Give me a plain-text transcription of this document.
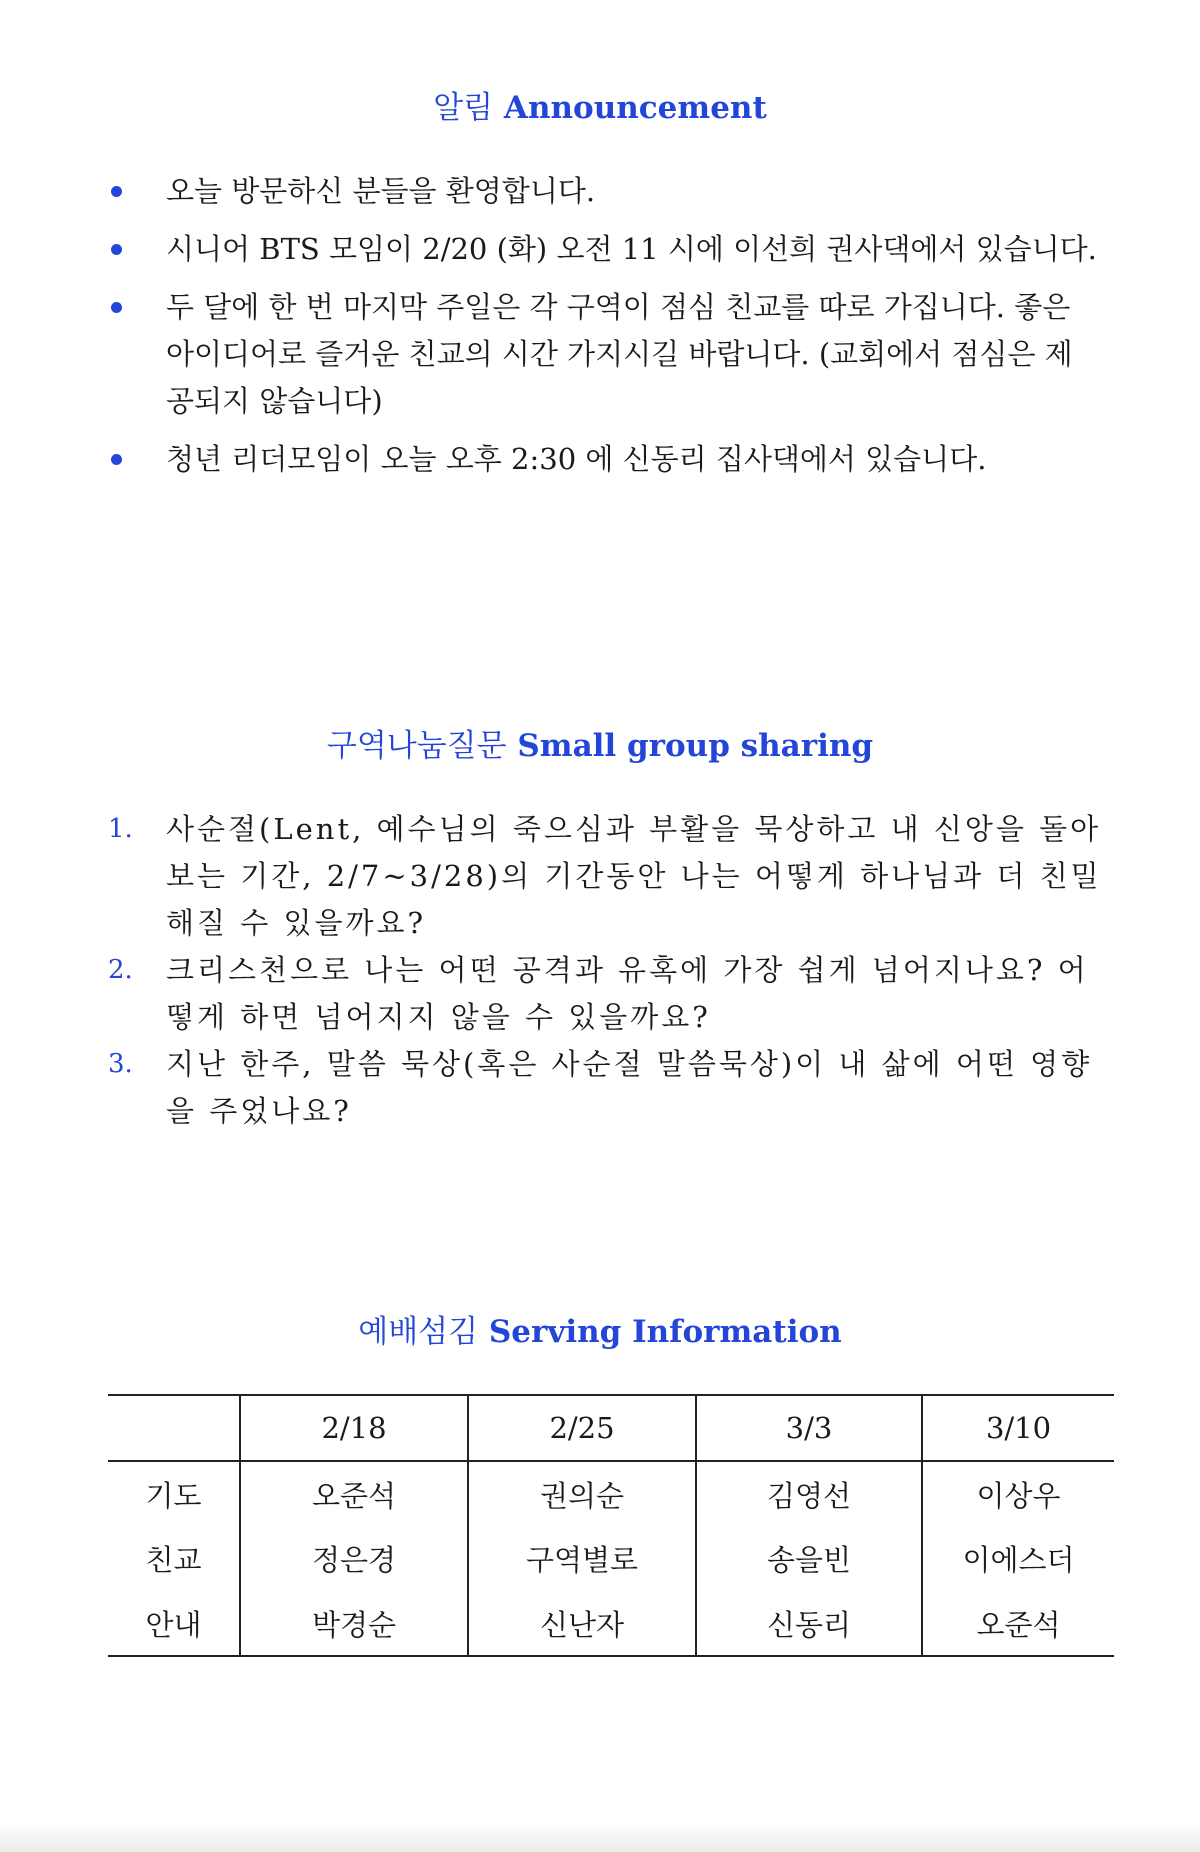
알림 Announcement
오늘 방문하신 분들을 환영합니다.
시니어 BTS 모임이 2/20 (화) 오전 11 시에 이선희 권사댁에서 있습니다.
두 달에 한 번 마지막 주일은 각 구역이 점심 친교를 따로 가집니다. 좋은 아이디어로 즐거운 친교의 시간 가지시길 바랍니다. (교회에서 점심은 제공되지 않습니다)
청년 리더모임이 오늘 오후 2:30 에 신동리 집사댁에서 있습니다.
구역나눔질문 Small group sharing
1. 사순절(Lent, 예수님의 죽으심과 부활을 묵상하고 내 신앙을 돌아보는 기간, 2/7~3/28)의 기간동안 나는 어떻게 하나님과 더 친밀해질 수 있을까요?
2. 크리스천으로 나는 어떤 공격과 유혹에 가장 쉽게 넘어지나요? 어떻게 하면 넘어지지 않을 수 있을까요?
3. 지난 한주, 말씀 묵상(혹은 사순절 말씀묵상)이 내 삶에 어떤 영향을 주었나요?
예배섬김 Serving Information
	2/18	2/25	3/3	3/10
기도	오준석	권의순	김영선	이상우
친교	정은경	구역별로	송을빈	이에스더
안내	박경순	신난자	신동리	오준석
